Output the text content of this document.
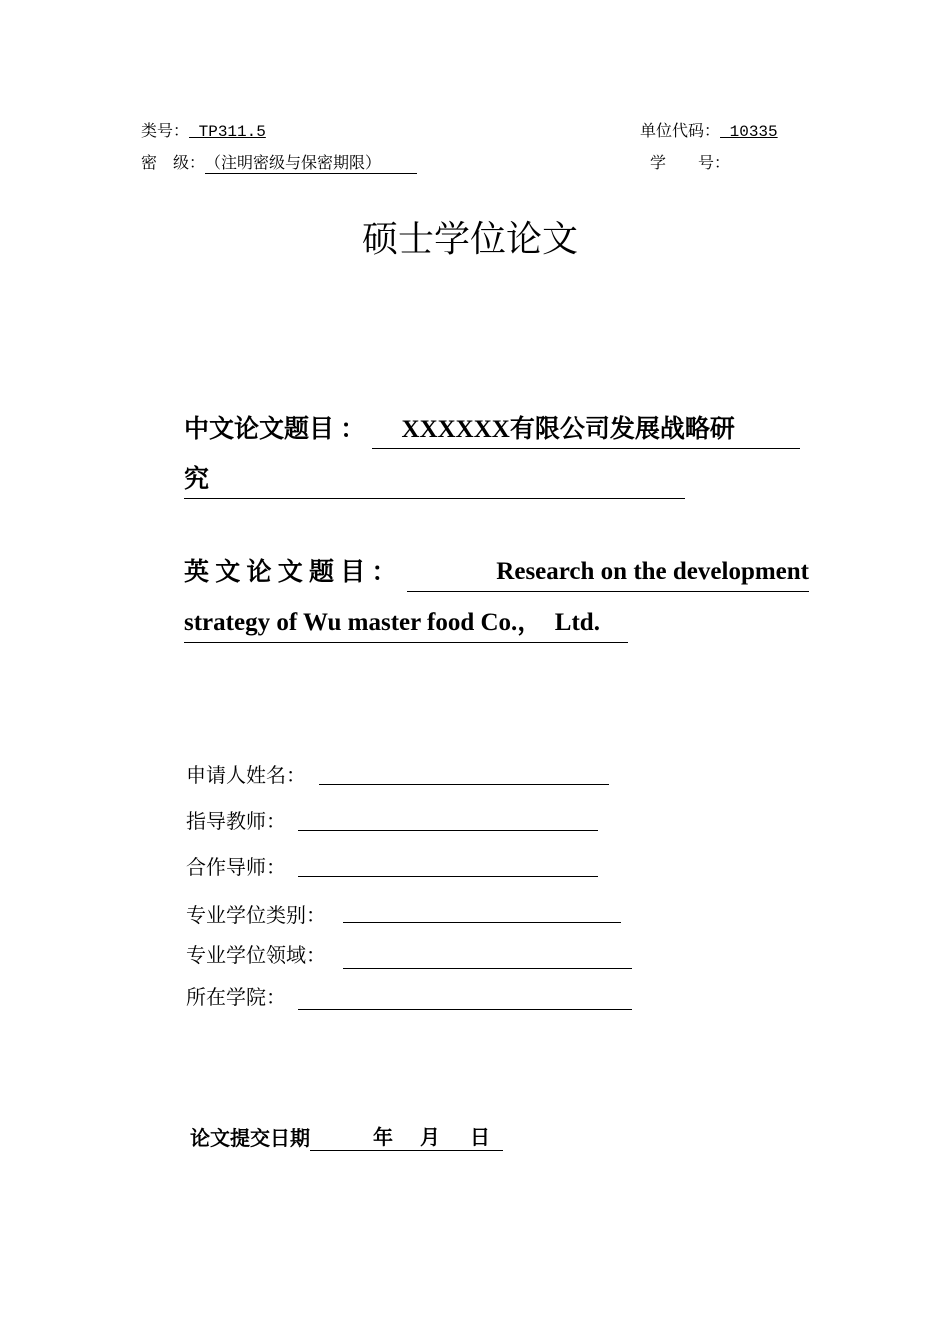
类号： TP311.5	单位代码： 10335
密　级：（注明密级与保密期限）	学　　号：
硕士学位论文
中文论文题目 ： XXXXXX有限公司发展战略研
究
英 文 论 文 题 目 ：	Research on the development
strategy of Wu master food Co.，　Ltd.
申请人姓名：
指导教师：
合作导师：
专业学位类别：
专业学位领域：
所在学院：
论文提交日期	年 月 日
